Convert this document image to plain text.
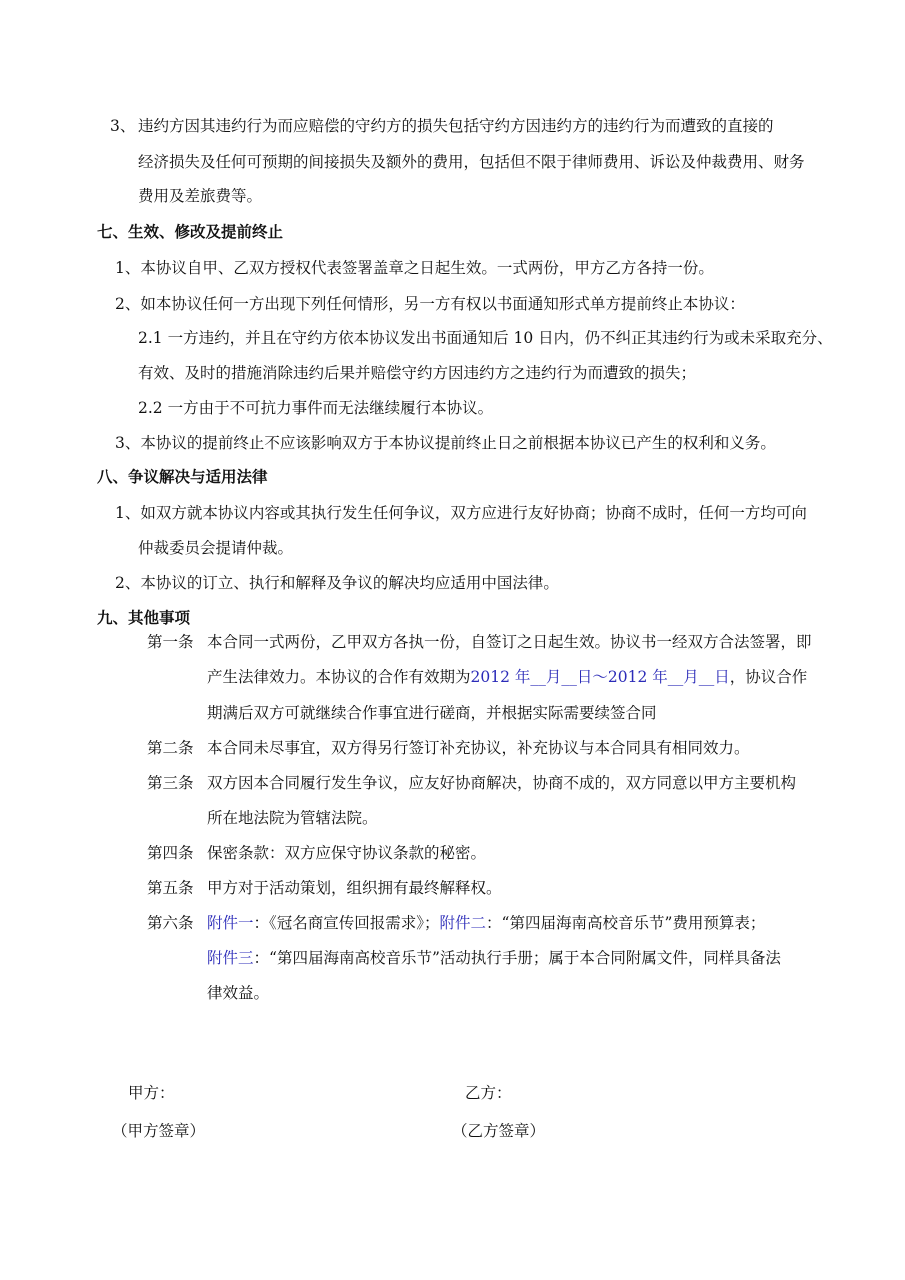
3、 违约方因其违约行为而应赔偿的守约方的损失包括守约方因违约方的违约行为而遭致的直接的
经济损失及任何可预期的间接损失及额外的费用，包括但不限于律师费用、诉讼及仲裁费用、财务
费用及差旅费等。
七、生效、修改及提前终止
1、本协议自甲、乙双方授权代表签署盖章之日起生效。一式两份，甲方乙方各持一份。
2、如本协议任何一方出现下列任何情形，另一方有权以书面通知形式单方提前终止本协议：
2.1 一方违约，并且在守约方依本协议发出书面通知后 10 日内，仍不纠正其违约行为或未采取充分、
有效、及时的措施消除违约后果并赔偿守约方因违约方之违约行为而遭致的损失；
2.2 一方由于不可抗力事件而无法继续履行本协议。
3、本协议的提前终止不应该影响双方于本协议提前终止日之前根据本协议已产生的权利和义务。
八、争议解决与适用法律
1、如双方就本协议内容或其执行发生任何争议，双方应进行友好协商；协商不成时，任何一方均可向
仲裁委员会提请仲裁。
2、本协议的订立、执行和解释及争议的解决均应适用中国法律。
九、其他事项
第一条 本合同一式两份，乙甲双方各执一份，自签订之日起生效。协议书一经双方合法签署，即
产生法律效力。本协议的合作有效期为2012 年__月__日～2012 年__月__日，协议合作
期满后双方可就继续合作事宜进行磋商，并根据实际需要续签合同
第二条 本合同未尽事宜，双方得另行签订补充协议，补充协议与本合同具有相同效力。
第三条 双方因本合同履行发生争议，应友好协商解决，协商不成的，双方同意以甲方主要机构
所在地法院为管辖法院。
第四条 保密条款：双方应保守协议条款的秘密。
第五条 甲方对于活动策划，组织拥有最终解释权。
第六条 附件一：《冠名商宣传回报需求》；附件二：“第四届海南高校音乐节”费用预算表；
附件三：“第四届海南高校音乐节”活动执行手册；属于本合同附属文件，同样具备法
律效益。
甲方：
（甲方签章）
乙方：
（乙方签章）
